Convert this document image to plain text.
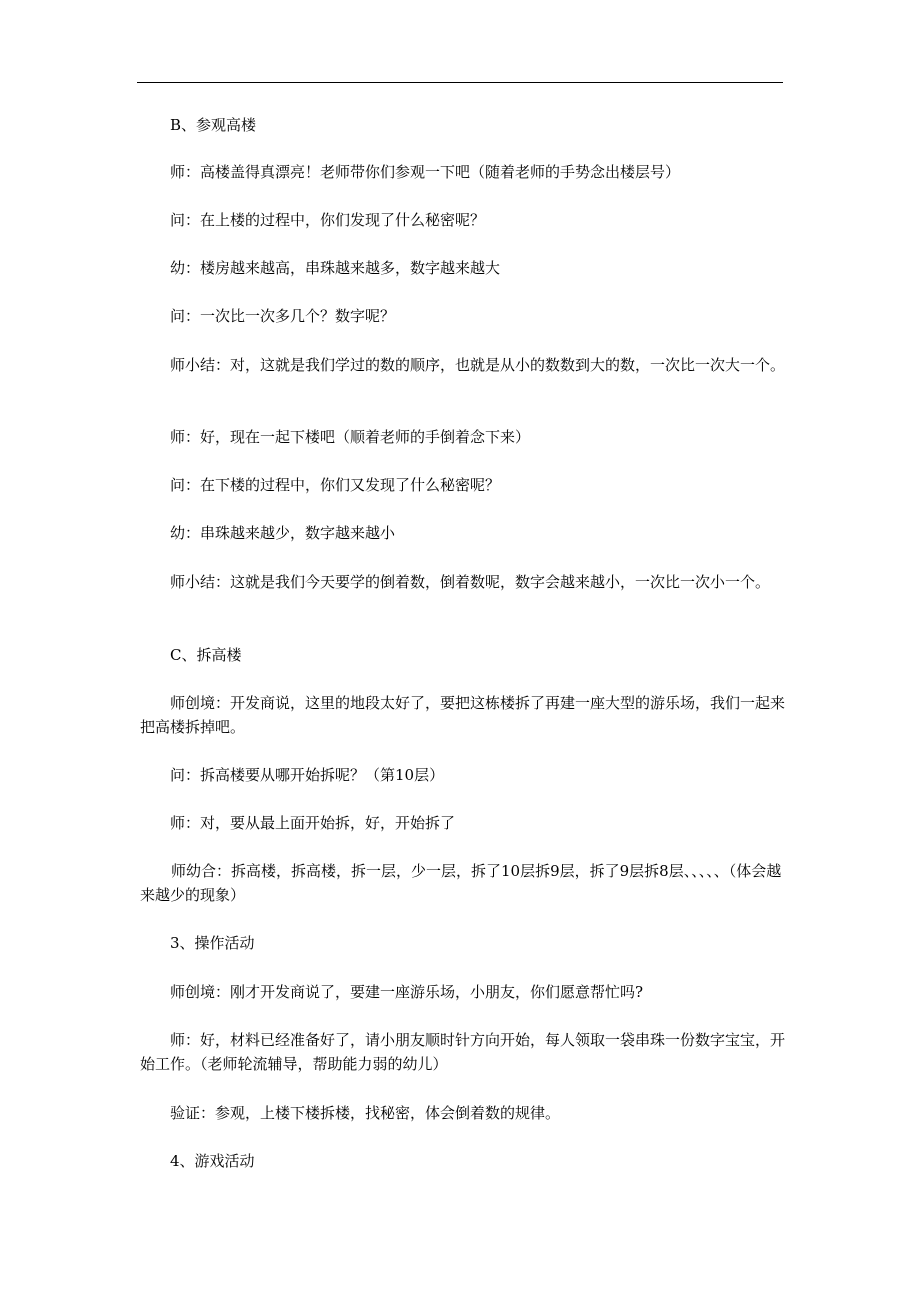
B、参观高楼

师：高楼盖得真漂亮！老师带你们参观一下吧（随着老师的手势念出楼层号）

问：在上楼的过程中，你们发现了什么秘密呢？

幼：楼房越来越高，串珠越来越多，数字越来越大

问：一次比一次多几个？数字呢？

师小结：对，这就是我们学过的数的顺序，也就是从小的数数到大的数，一次比一次大一个。

师：好，现在一起下楼吧（顺着老师的手倒着念下来）

问：在下楼的过程中，你们又发现了什么秘密呢？

幼：串珠越来越少，数字越来越小

师小结：这就是我们今天要学的倒着数，倒着数呢，数字会越来越小，一次比一次小一个。

C、拆高楼

师创境：开发商说，这里的地段太好了，要把这栋楼拆了再建一座大型的游乐场，我们一起来把高楼拆掉吧。

问：拆高楼要从哪开始拆呢？（第10层）

师：对，要从最上面开始拆，好，开始拆了

师幼合：拆高楼，拆高楼，拆一层，少一层，拆了10层拆9层，拆了9层拆8层、、、、、（体会越来越少的现象）

3、操作活动

师创境：刚才开发商说了，要建一座游乐场，小朋友，你们愿意帮忙吗?

师：好，材料已经准备好了，请小朋友顺时针方向开始，每人领取一袋串珠一份数字宝宝，开始工作。（老师轮流辅导，帮助能力弱的幼儿）

验证：参观，上楼下楼拆楼，找秘密，体会倒着数的规律。

4、游戏活动
